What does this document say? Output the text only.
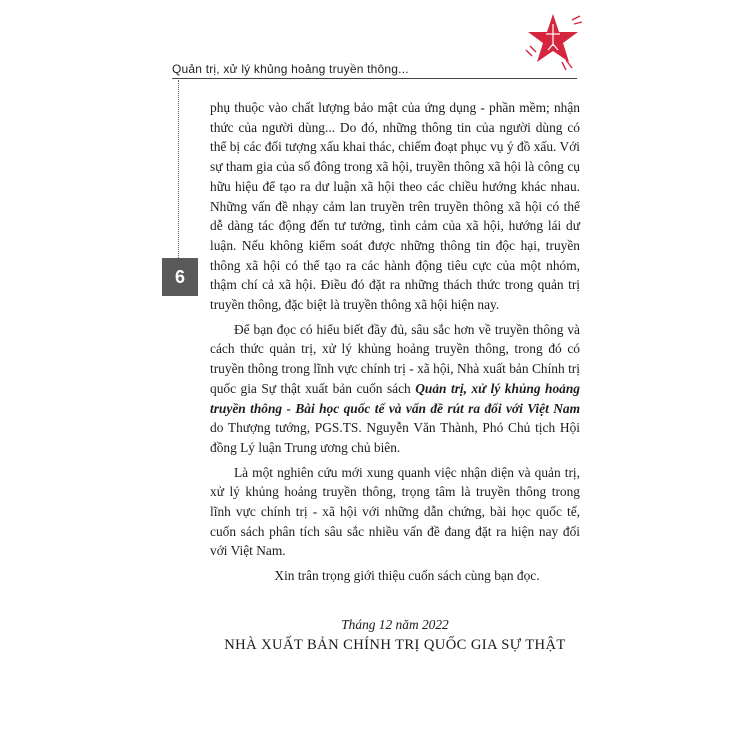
Quản trị, xử lý khủng hoảng truyền thông...
6

phụ thuộc vào chất lượng bảo mật của ứng dụng - phần mềm; nhận thức của người dùng... Do đó, những thông tin của người dùng có thể bị các đối tượng xấu khai thác, chiếm đoạt phục vụ ý đồ xấu. Với sự tham gia của số đông trong xã hội, truyền thông xã hội là công cụ hữu hiệu để tạo ra dư luận xã hội theo các chiều hướng khác nhau. Những vấn đề nhạy cảm lan truyền trên truyền thông xã hội có thể dễ dàng tác động đến tư tưởng, tình cảm của xã hội, hướng lái dư luận. Nếu không kiểm soát được những thông tin độc hại, truyền thông xã hội có thể tạo ra các hành động tiêu cực của một nhóm, thậm chí cả xã hội. Điều đó đặt ra những thách thức trong quản trị truyền thông, đặc biệt là truyền thông xã hội hiện nay.

Để bạn đọc có hiểu biết đầy đủ, sâu sắc hơn về truyền thông và cách thức quản trị, xử lý khủng hoảng truyền thông, trong đó có truyền thông trong lĩnh vực chính trị - xã hội, Nhà xuất bản Chính trị quốc gia Sự thật xuất bản cuốn sách Quản trị, xử lý khủng hoảng truyền thông - Bài học quốc tế và vấn đề rút ra đối với Việt Nam do Thượng tướng, PGS.TS. Nguyễn Văn Thành, Phó Chủ tịch Hội đồng Lý luận Trung ương chủ biên.

Là một nghiên cứu mới xung quanh việc nhận diện và quản trị, xử lý khủng hoảng truyền thông, trọng tâm là truyền thông trong lĩnh vực chính trị - xã hội với những dẫn chứng, bài học quốc tế, cuốn sách phân tích sâu sắc nhiều vấn đề đang đặt ra hiện nay đối với Việt Nam.

Xin trân trọng giới thiệu cuốn sách cùng bạn đọc.

Tháng 12 năm 2022
NHÀ XUẤT BẢN CHÍNH TRỊ QUỐC GIA SỰ THẬT
